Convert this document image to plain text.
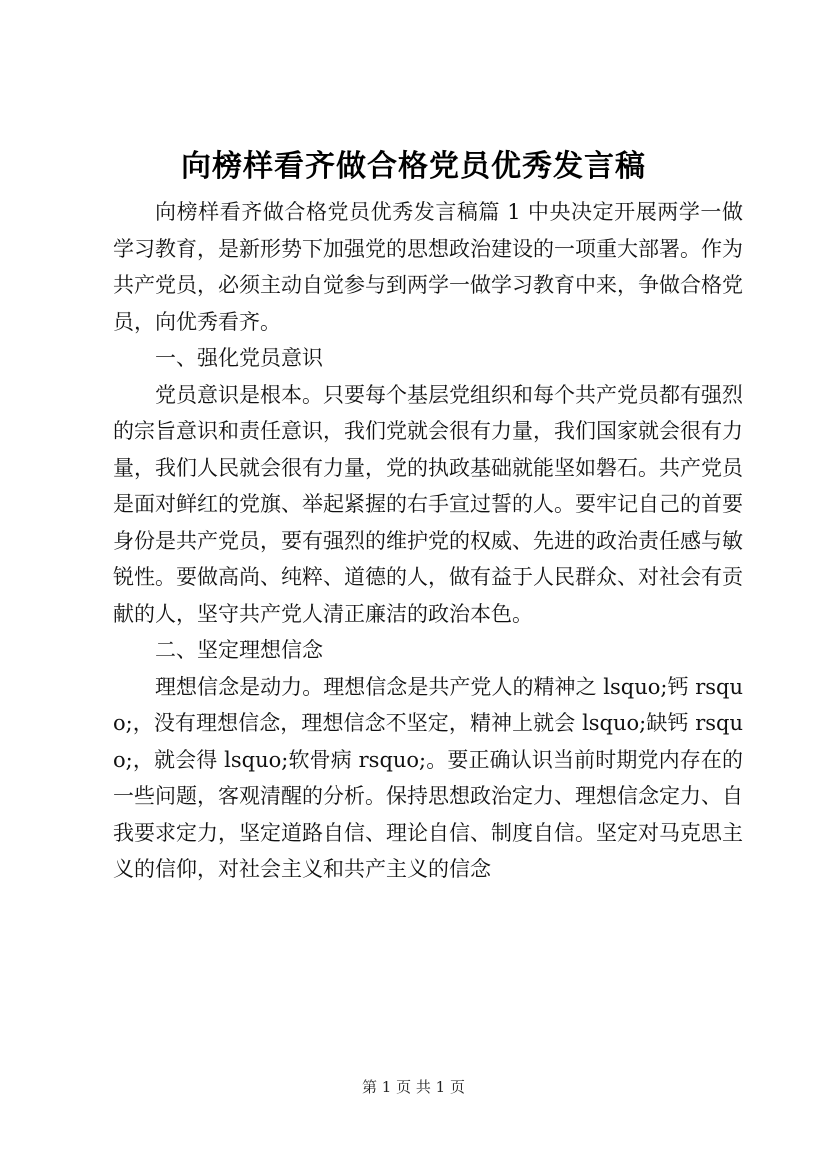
向榜样看齐做合格党员优秀发言稿

向榜样看齐做合格党员优秀发言稿篇 1 中央决定开展两学一做学习教育，是新形势下加强党的思想政治建设的一项重大部署。作为共产党员，必须主动自觉参与到两学一做学习教育中来，争做合格党员，向优秀看齐。

一、强化党员意识

党员意识是根本。只要每个基层党组织和每个共产党员都有强烈的宗旨意识和责任意识，我们党就会很有力量，我们国家就会很有力量，我们人民就会很有力量，党的执政基础就能坚如磐石。共产党员是面对鲜红的党旗、举起紧握的右手宣过誓的人。要牢记自己的首要身份是共产党员，要有强烈的维护党的权威、先进的政治责任感与敏锐性。要做高尚、纯粹、道德的人，做有益于人民群众、对社会有贡献的人，坚守共产党人清正廉洁的政治本色。

二、坚定理想信念

理想信念是动力。理想信念是共产党人的精神之 lsquo;钙 rsquo;，没有理想信念，理想信念不坚定，精神上就会 lsquo;缺钙 rsquo;，就会得 lsquo;软骨病 rsquo;。要正确认识当前时期党内存在的一些问题，客观清醒的分析。保持思想政治定力、理想信念定力、自我要求定力，坚定道路自信、理论自信、制度自信。坚定对马克思主义的信仰，对社会主义和共产主义的信念

第 1 页 共 1 页
